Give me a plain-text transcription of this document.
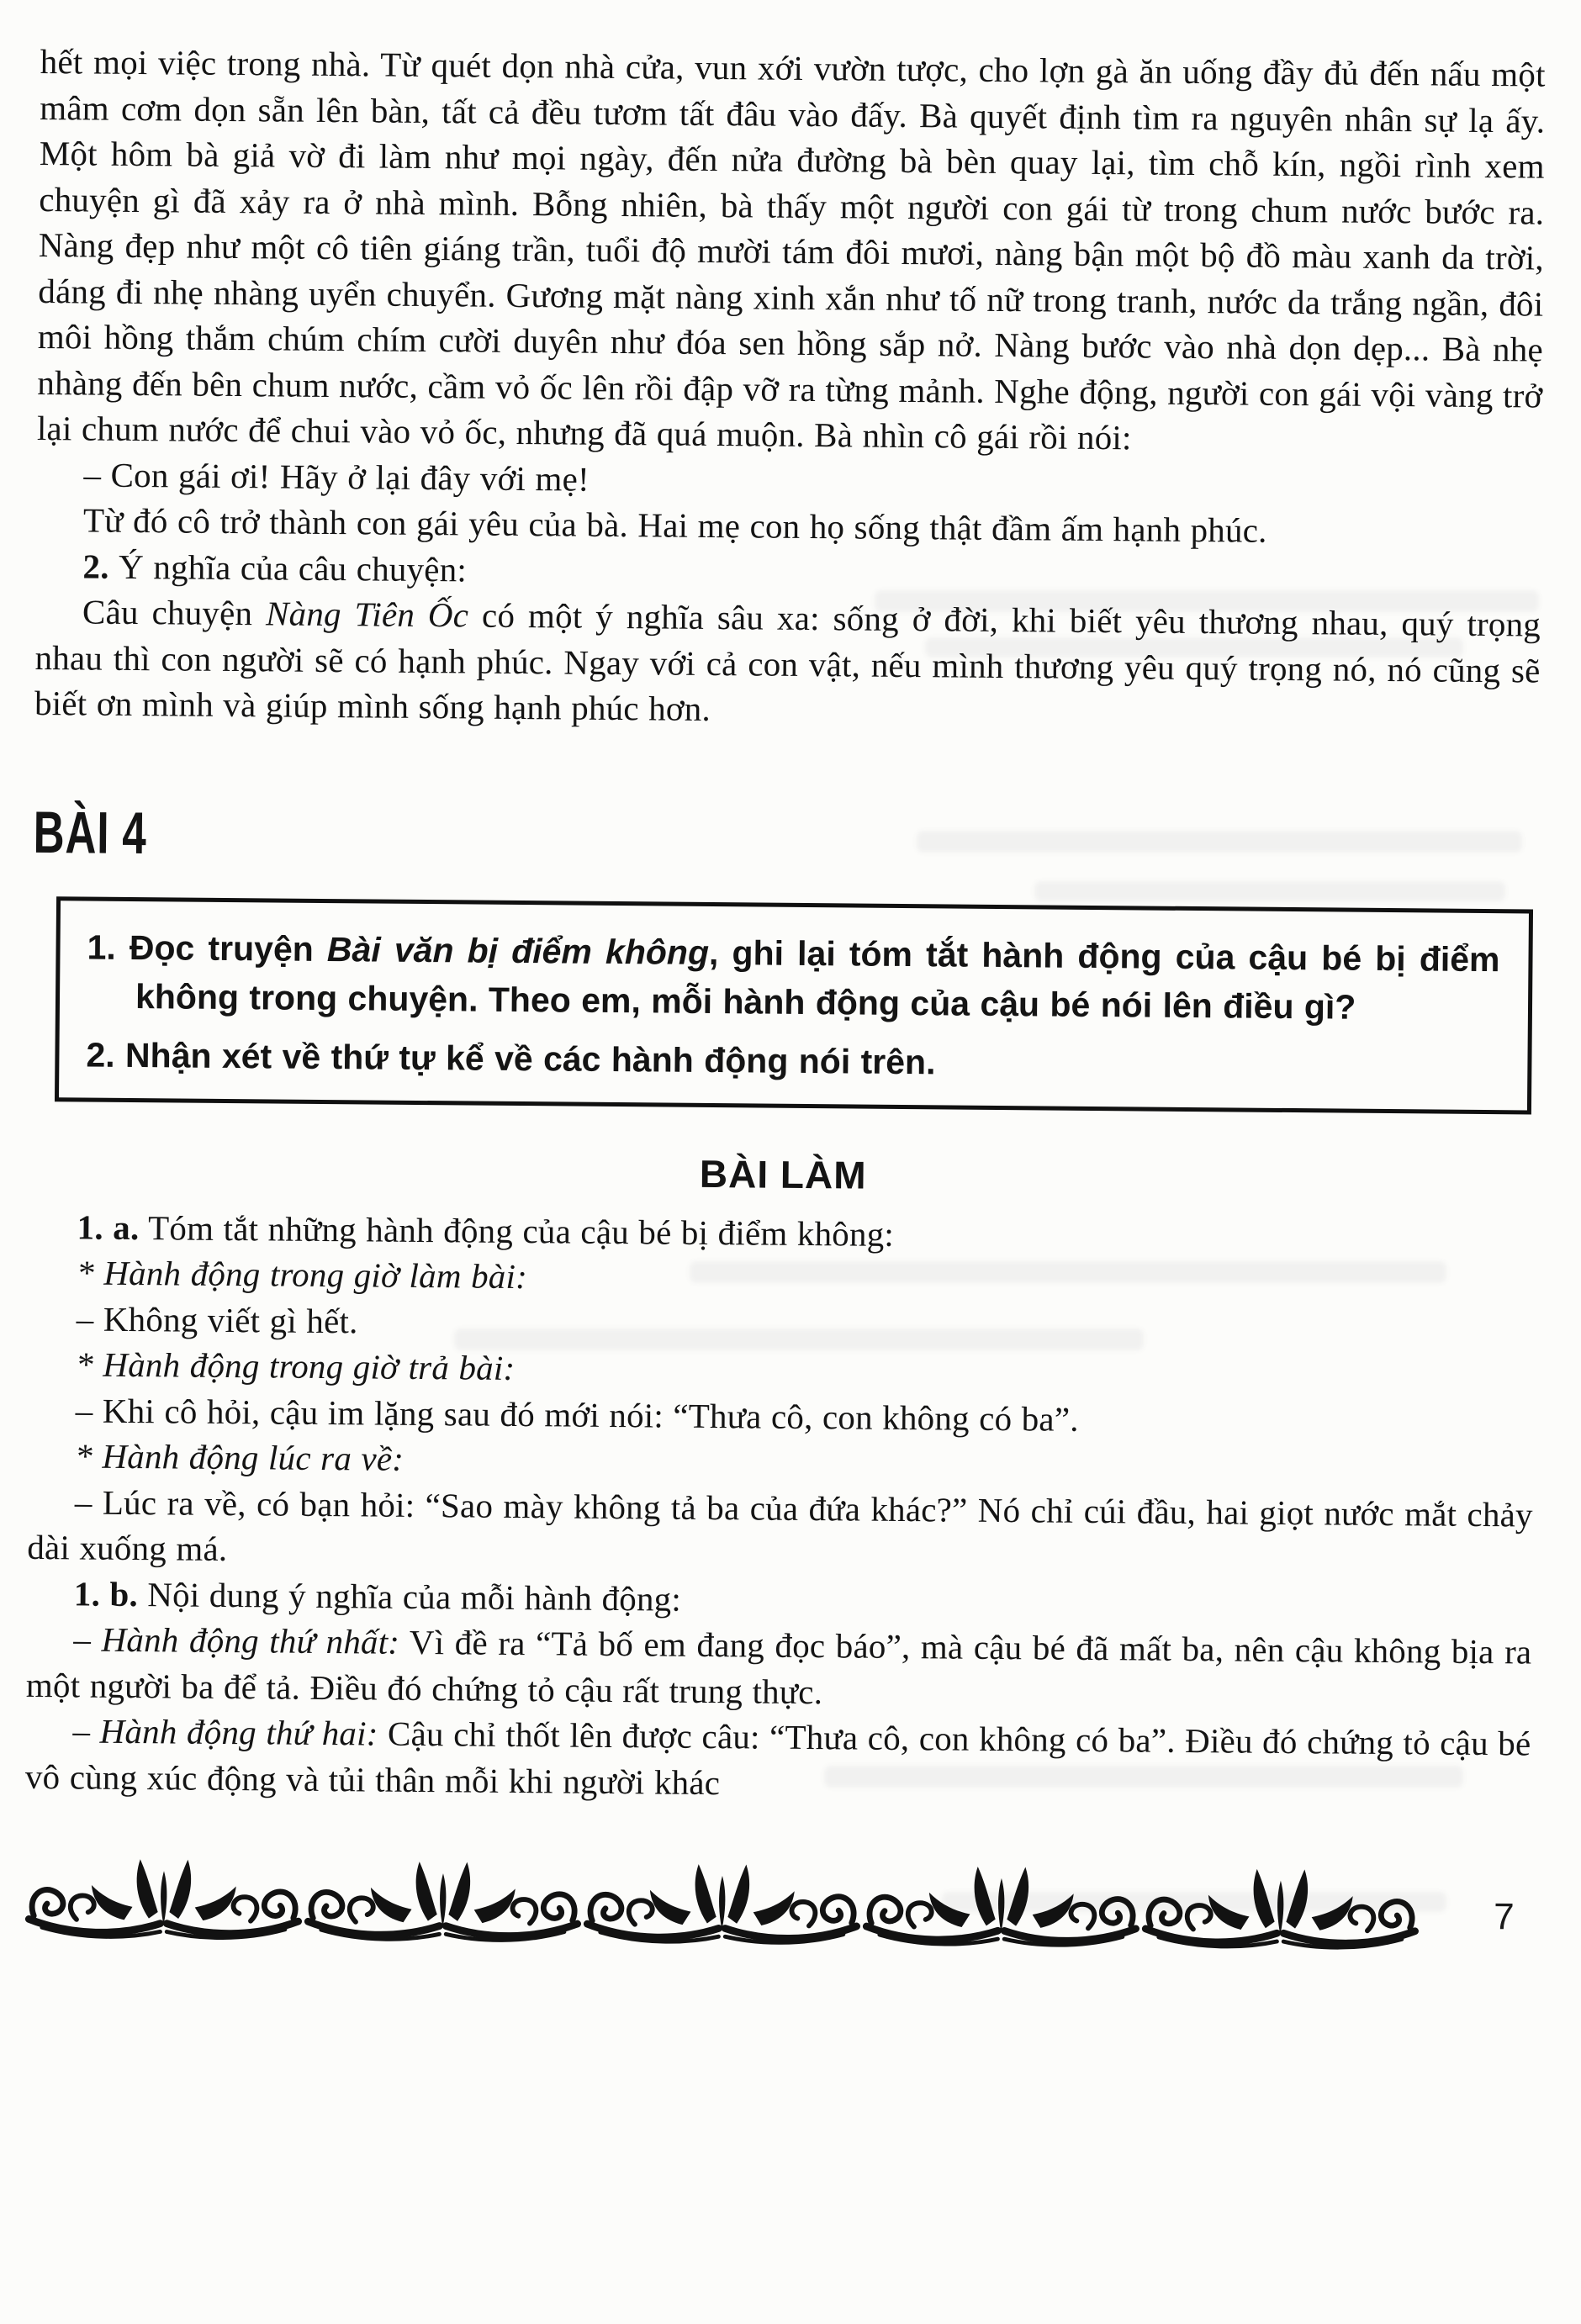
hết mọi việc trong nhà. Từ quét dọn nhà cửa, vun xới vườn tược, cho lợn gà ăn uống đầy đủ đến nấu một mâm cơm dọn sẵn lên bàn, tất cả đều tươm tất đâu vào đấy. Bà quyết định tìm ra nguyên nhân sự lạ ấy. Một hôm bà giả vờ đi làm như mọi ngày, đến nửa đường bà bèn quay lại, tìm chỗ kín, ngồi rình xem chuyện gì đã xảy ra ở nhà mình. Bỗng nhiên, bà thấy một người con gái từ trong chum nước bước ra. Nàng đẹp như một cô tiên giáng trần, tuổi độ mười tám đôi mươi, nàng bận một bộ đồ màu xanh da trời, dáng đi nhẹ nhàng uyển chuyển. Gương mặt nàng xinh xắn như tố nữ trong tranh, nước da trắng ngần, đôi môi hồng thắm chúm chím cười duyên như đóa sen hồng sắp nở. Nàng bước vào nhà dọn dẹp... Bà nhẹ nhàng đến bên chum nước, cầm vỏ ốc lên rồi đập vỡ ra từng mảnh. Nghe động, người con gái vội vàng trở lại chum nước để chui vào vỏ ốc, nhưng đã quá muộn. Bà nhìn cô gái rồi nói:

– Con gái ơi! Hãy ở lại đây với mẹ!

Từ đó cô trở thành con gái yêu của bà. Hai mẹ con họ sống thật đầm ấm hạnh phúc.

2. Ý nghĩa của câu chuyện:

Câu chuyện Nàng Tiên Ốc có một ý nghĩa sâu xa: sống ở đời, khi biết yêu thương nhau, quý trọng nhau thì con người sẽ có hạnh phúc. Ngay với cả con vật, nếu mình thương yêu quý trọng nó, nó cũng sẽ biết ơn mình và giúp mình sống hạnh phúc hơn.

BÀI 4

1. Đọc truyện Bài văn bị điểm không, ghi lại tóm tắt hành động của cậu bé bị điểm không trong chuyện. Theo em, mỗi hành động của cậu bé nói lên điều gì?

2. Nhận xét về thứ tự kể về các hành động nói trên.

BÀI LÀM

1. a. Tóm tắt những hành động của cậu bé bị điểm không:

* Hành động trong giờ làm bài:

– Không viết gì hết.

* Hành động trong giờ trả bài:

– Khi cô hỏi, cậu im lặng sau đó mới nói: “Thưa cô, con không có ba”.

* Hành động lúc ra về:

– Lúc ra về, có bạn hỏi: “Sao mày không tả ba của đứa khác?” Nó chỉ cúi đầu, hai giọt nước mắt chảy dài xuống má.

1. b. Nội dung ý nghĩa của mỗi hành động:

– Hành động thứ nhất: Vì đề ra “Tả bố em đang đọc báo”, mà cậu bé đã mất ba, nên cậu không bịa ra một người ba để tả. Điều đó chứng tỏ cậu rất trung thực.

– Hành động thứ hai: Cậu chỉ thốt lên được câu: “Thưa cô, con không có ba”. Điều đó chứng tỏ cậu bé vô cùng xúc động và tủi thân mỗi khi người khác

7
